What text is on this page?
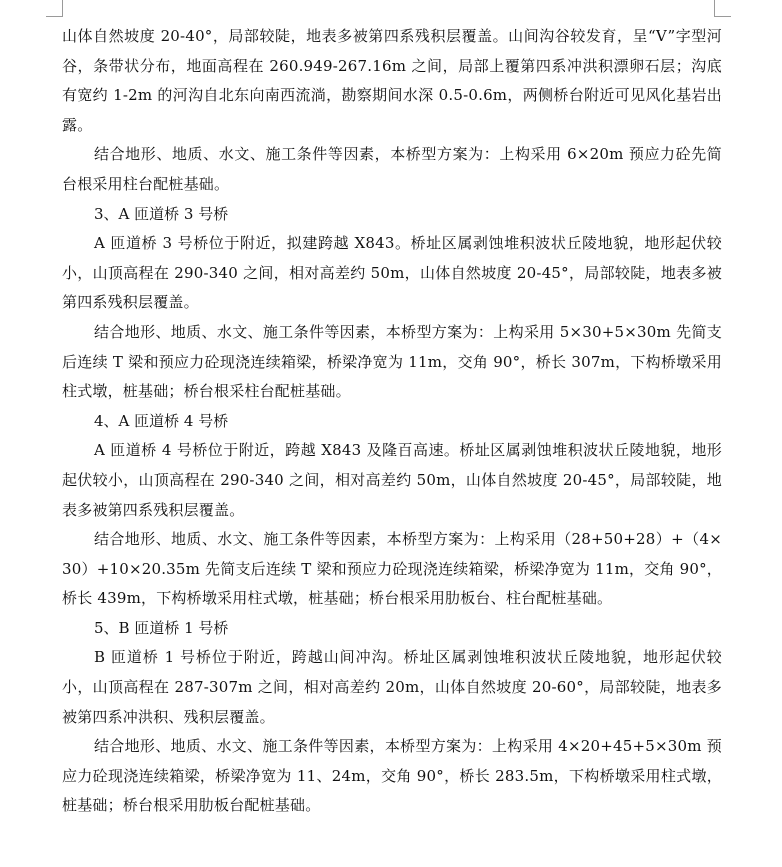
山体自然坡度 20-40°，局部较陡，地表多被第四系残积层覆盖。山间沟谷较发育，呈“V”字型河谷，条带状分布，地面高程在 260.949-267.16m 之间，局部上覆第四系冲洪积漂卵石层；沟底有宽约 1-2m 的河沟自北东向南西流淌，勘察期间水深 0.5-0.6m，两侧桥台附近可见风化基岩出露。

结合地形、地质、水文、施工条件等因素，本桥型方案为：上构采用 6×20m 预应力砼先简台根采用柱台配桩基础。

3、A 匝道桥 3 号桥

A 匝道桥 3 号桥位于附近，拟建跨越 X843。桥址区属剥蚀堆积波状丘陵地貌，地形起伏较小，山顶高程在 290-340 之间，相对高差约 50m，山体自然坡度 20-45°，局部较陡，地表多被第四系残积层覆盖。

结合地形、地质、水文、施工条件等因素，本桥型方案为：上构采用 5×30+5×30m 先简支后连续 T 梁和预应力砼现浇连续箱梁，桥梁净宽为 11m，交角 90°，桥长 307m，下构桥墩采用柱式墩，桩基础；桥台根采柱台配桩基础。

4、A 匝道桥 4 号桥

A 匝道桥 4 号桥位于附近，跨越 X843 及隆百高速。桥址区属剥蚀堆积波状丘陵地貌，地形起伏较小，山顶高程在 290-340 之间，相对高差约 50m，山体自然坡度 20-45°，局部较陡，地表多被第四系残积层覆盖。

结合地形、地质、水文、施工条件等因素，本桥型方案为：上构采用（28+50+28）+（4×30）+10×20.35m 先简支后连续 T 梁和预应力砼现浇连续箱梁，桥梁净宽为 11m，交角 90°，桥长 439m，下构桥墩采用柱式墩，桩基础；桥台根采用肋板台、柱台配桩基础。

5、B 匝道桥 1 号桥

B 匝道桥 1 号桥位于附近，跨越山间冲沟。桥址区属剥蚀堆积波状丘陵地貌，地形起伏较小，山顶高程在 287-307m 之间，相对高差约 20m，山体自然坡度 20-60°，局部较陡，地表多被第四系冲洪积、残积层覆盖。

结合地形、地质、水文、施工条件等因素，本桥型方案为：上构采用 4×20+45+5×30m 预应力砼现浇连续箱梁，桥梁净宽为 11、24m，交角 90°，桥长 283.5m，下构桥墩采用柱式墩，桩基础；桥台根采用肋板台配桩基础。
